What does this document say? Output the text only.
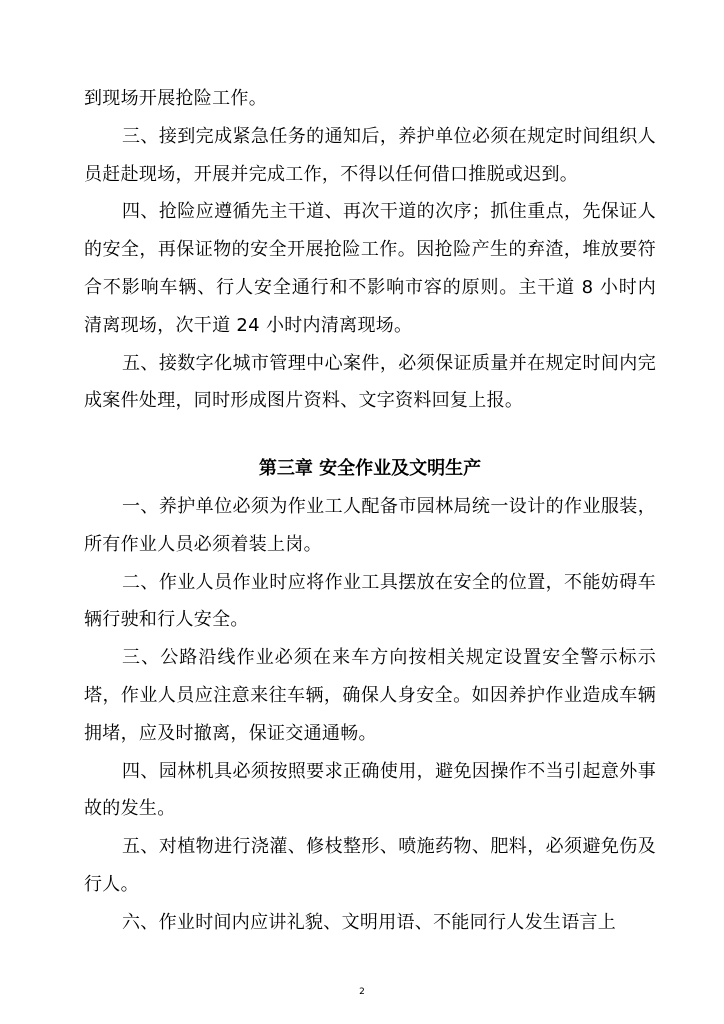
到现场开展抢险工作。

三、接到完成紧急任务的通知后，养护单位必须在规定时间组织人员赶赴现场，开展并完成工作，不得以任何借口推脱或迟到。

四、抢险应遵循先主干道、再次干道的次序；抓住重点，先保证人的安全，再保证物的安全开展抢险工作。因抢险产生的弃渣，堆放要符合不影响车辆、行人安全通行和不影响市容的原则。主干道 8 小时内清离现场，次干道 24 小时内清离现场。

五、接数字化城市管理中心案件，必须保证质量并在规定时间内完成案件处理，同时形成图片资料、文字资料回复上报。

第三章 安全作业及文明生产

一、养护单位必须为作业工人配备市园林局统一设计的作业服装，所有作业人员必须着装上岗。

二、作业人员作业时应将作业工具摆放在安全的位置，不能妨碍车辆行驶和行人安全。

三、公路沿线作业必须在来车方向按相关规定设置安全警示标示塔，作业人员应注意来往车辆，确保人身安全。如因养护作业造成车辆拥堵，应及时撤离，保证交通通畅。

四、园林机具必须按照要求正确使用，避免因操作不当引起意外事故的发生。

五、对植物进行浇灌、修枝整形、喷施药物、肥料，必须避免伤及行人。

六、作业时间内应讲礼貌、文明用语、不能同行人发生语言上

2
